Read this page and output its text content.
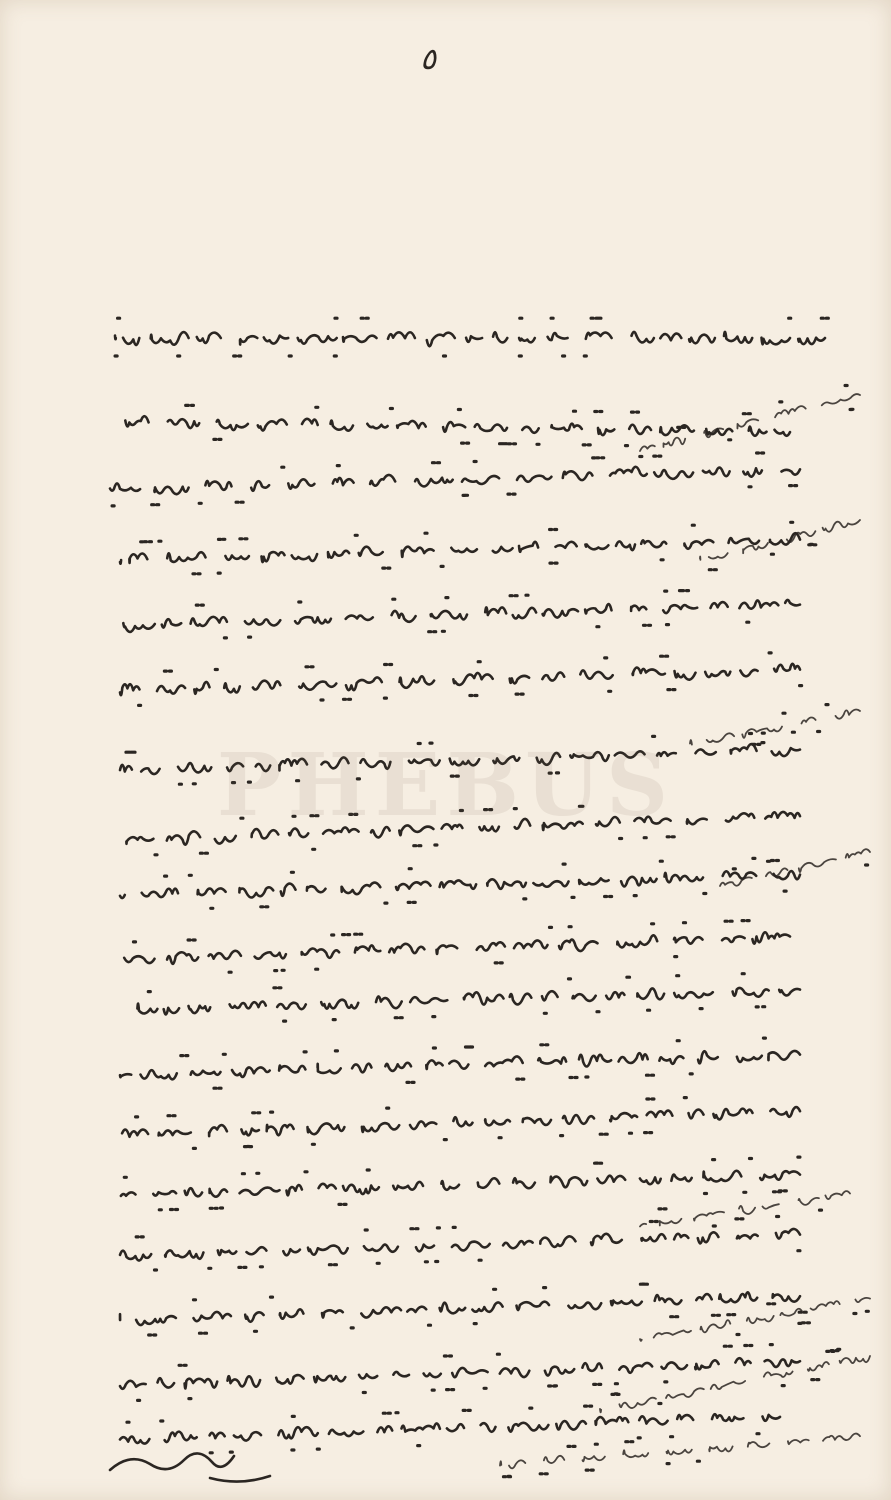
٥
PHEBUS
